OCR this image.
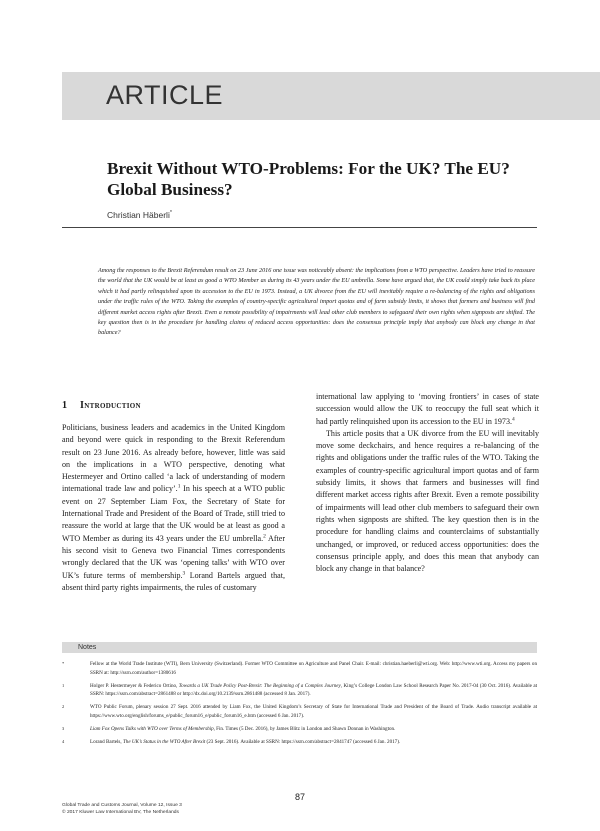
ARTICLE
Brexit Without WTO-Problems: For the UK? The EU? Global Business?
Christian Häberli*

Among the responses to the Brexit Referendum result on 23 June 2016 one issue was noticeably absent: the implications from a WTO perspective. Leaders have tried to reassure the world that the UK would be at least as good a WTO Member as during its 43 years under the EU umbrella. Some have argued that, the UK could simply take back its place which it had partly relinquished upon its accession to the EU in 1973. Instead, a UK divorce from the EU will inevitably require a re-balancing of the rights and obligations under the traffic rules of the WTO. Taking the examples of country-specific agricultural import quotas and of farm subsidy limits, it shows that farmers and business will find different market access rights after Brexit. Even a remote possibility of impairments will lead other club members to safeguard their own rights when signposts are shifted. The key question then is in the procedure for handling claims of reduced access opportunities: does the consensus principle imply that anybody can block any change in that balance?

1 Introduction

Politicians, business leaders and academics in the United Kingdom and beyond were quick in responding to the Brexit Referendum result on 23 June 2016. As already before, however, little was said on the implications in a WTO perspective, denoting what Hestermeyer and Ortino called ‘a lack of understanding of modern international trade law and policy’.$^1$ In his speech at a WTO public event on 27 September Liam Fox, the Secretary of State for International Trade and President of the Board of Trade, still tried to reassure the world at large that the UK would be at least as good a WTO Member as during its 43 years under the EU umbrella.$^2$ After his second visit to Geneva two Financial Times correspondents wrongly declared that the UK was ‘opening talks’ with WTO over UK’s future terms of membership.$^3$ Lorand Bartels argued that, absent third party rights impairments, the rules of customary

international law applying to ‘moving frontiers’ in cases of state succession would allow the UK to reoccupy the full seat which it had partly relinquished upon its accession to the EU in 1973.$^4$

This article posits that a UK divorce from the EU will inevitably move some deckchairs, and hence requires a re-balancing of the rights and obligations under the traffic rules of the WTO. Taking the examples of country-specific agricultural import quotas and of farm subsidy limits, it shows that farmers and businesses will find different market access rights after Brexit. Even a remote possibility of impairments will lead other club members to safeguard their own rights when signposts are shifted. The key question then is in the procedure for handling claims and counterclaims of substantially unchanged, or improved, or reduced access opportunities: does the consensus principle apply, and does this mean that anybody can block any change in that balance?

Notes
*	Fellow at the World Trade Institute (WTI), Bern University (Switzerland). Former WTO Committee on Agriculture and Panel Chair. E-mail: christian.haeberli@wti.org. Web: http://www.wti.org. Access my papers on SSRN at: http://ssrn.com/author=1380616
1	Holger P. Hestermeyer & Federico Ortino, Towards a UK Trade Policy Post-Brexit: The Beginning of a Complex Journey, King’s College London Law School Research Paper No. 2017-04 (30 Oct. 2016). Available at SSRN: https://ssrn.com/abstract=2861488 or http://dx.doi.org/10.2139/ssrn.2861488 (accessed 8 Jan. 2017).
2	WTO Public Forum, plenary session 27 Sept. 2016 attended by Liam Fox, the United Kingdom’s Secretary of State for International Trade and President of the Board of Trade. Audio transcript available at https://www.wto.org/english/forums_e/public_forum16_e/public_forum16_e.htm (accessed 6 Jan. 2017).
3	Liam Fox Opens Talks with WTO over Terms of Membership, Fin. Times (5 Dec. 2016), by James Blitz in London and Shawn Donnan in Washington.
4	Lorand Bartels, The UK’s Status in the WTO After Brexit (23 Sept. 2016). Available at SSRN: https://ssrn.com/abstract=2841747 (accessed 6 Jan. 2017).
87
Global Trade and Customs Journal, Volume 12, Issue 3
© 2017 Kluwer Law International BV, The Netherlands
